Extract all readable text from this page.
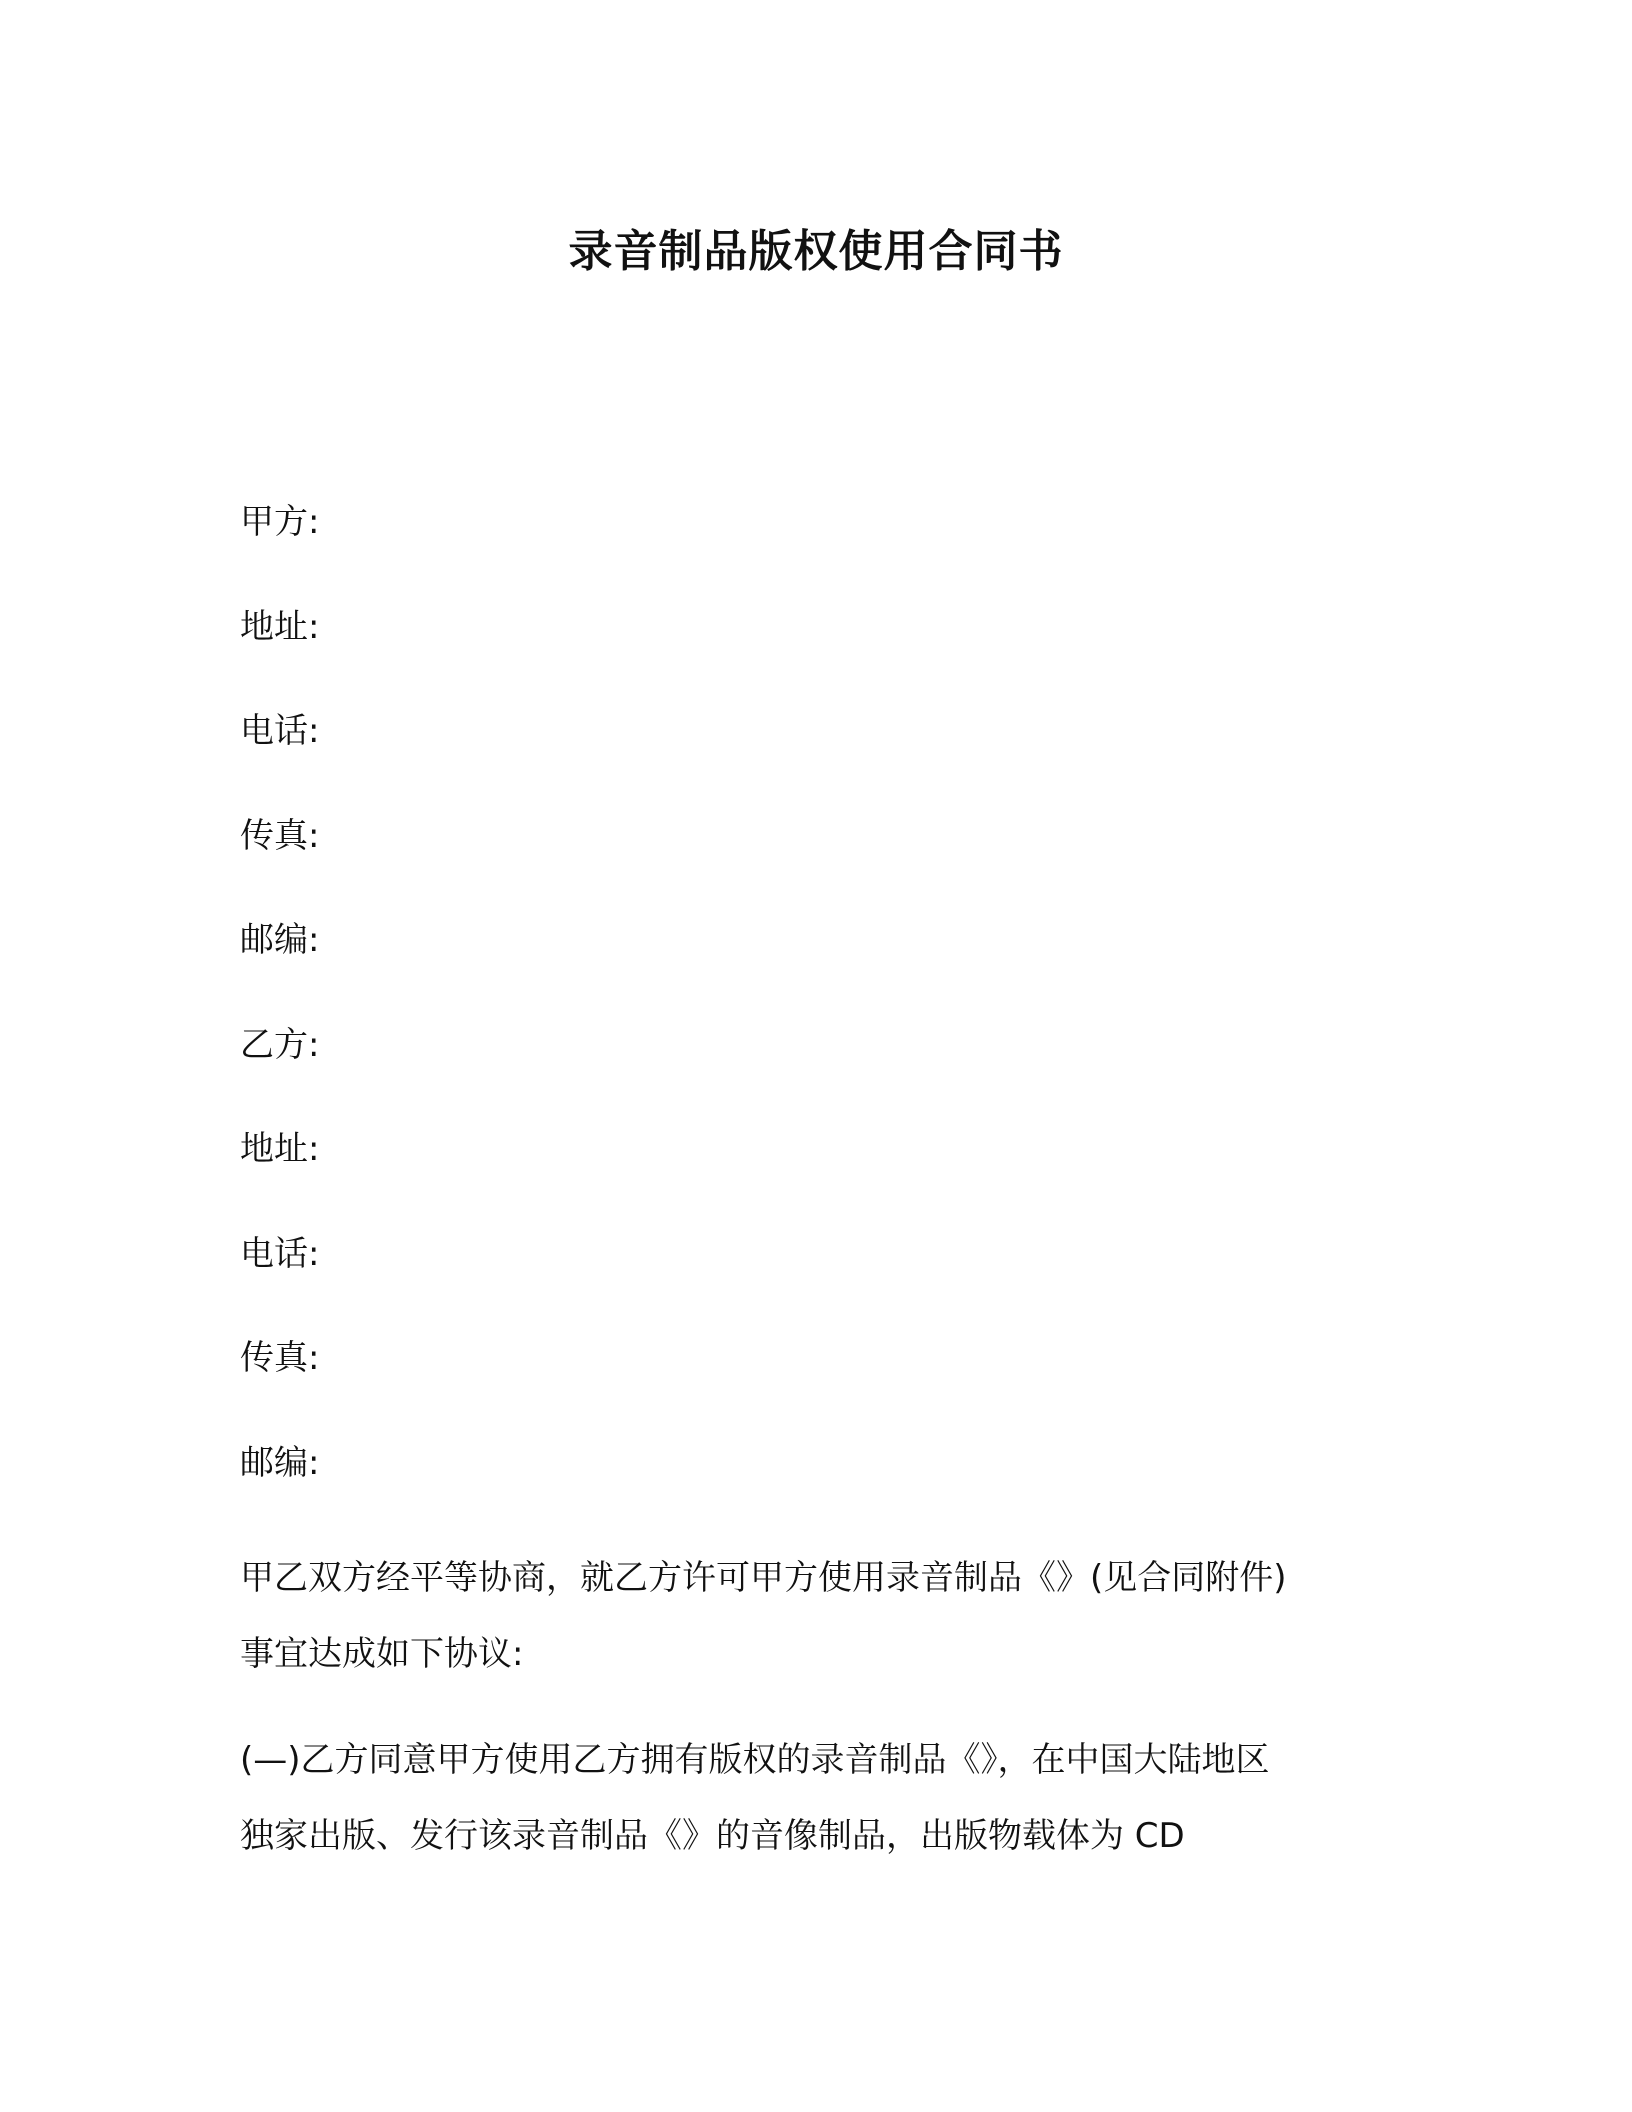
录音制品版权使用合同书
甲方:
地址:
电话:
传真:
邮编:
乙方:
地址:
电话:
传真:
邮编:
甲乙双方经平等协商，就乙方许可甲方使用录音制品《》(见合同附件)
事宜达成如下协议:
(—)乙方同意甲方使用乙方拥有版权的录音制品《》，在中国大陆地区
独家出版、发行该录音制品《》的音像制品，出版物载体为 CD
